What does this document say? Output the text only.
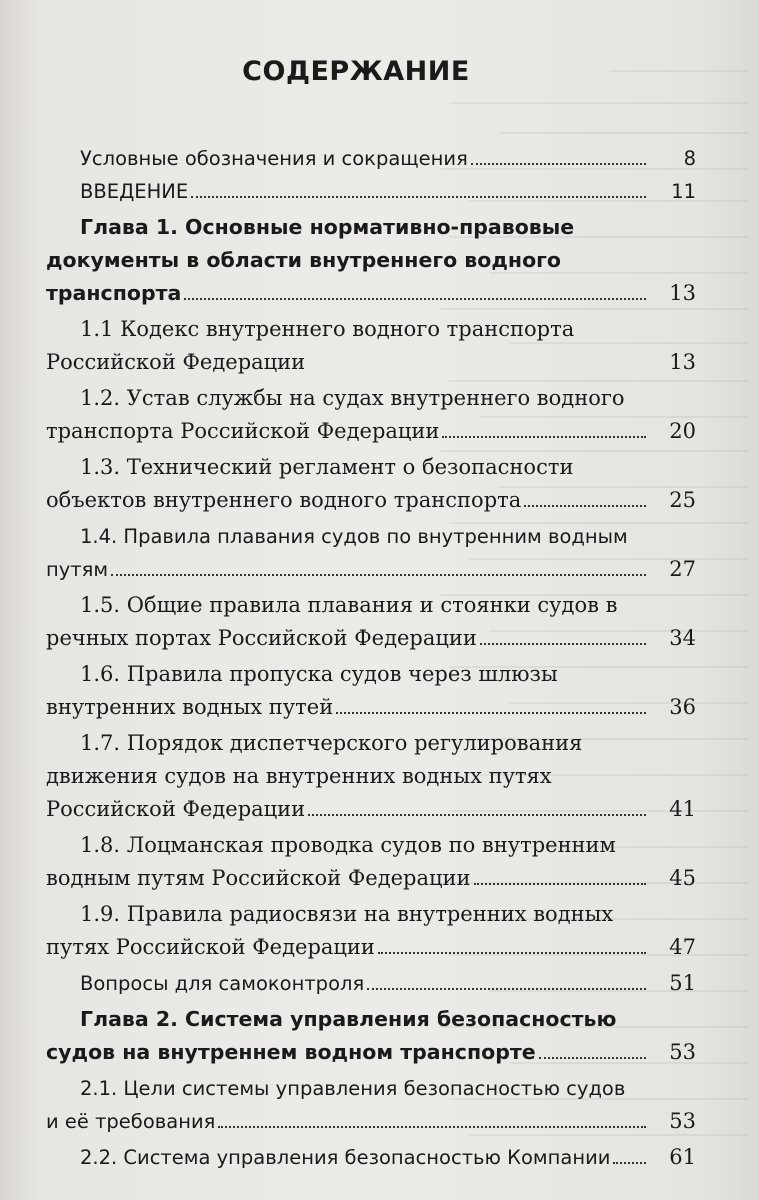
СОДЕРЖАНИЕ
Условные обозначения и сокращения	8
ВВЕДЕНИЕ	11
Глава 1. Основные нормативно-правовые
документы в области внутреннего водного
транспорта	13
1.1 Кодекс внутреннего водного транспорта
Российской Федерации	13
1.2. Устав службы на судах внутреннего водного
транспорта Российской Федерации	20
1.3. Технический регламент о безопасности
объектов внутреннего водного транспорта	25
1.4. Правила плавания судов по внутренним водным
путям	27
1.5. Общие правила плавания и стоянки судов в
речных портах Российской Федерации	34
1.6. Правила пропуска судов через шлюзы
внутренних водных путей	36
1.7. Порядок диспетчерского регулирования
движения судов на внутренних водных путях
Российской Федерации	41
1.8. Лоцманская проводка судов по внутренним
водным путям Российской Федерации	45
1.9. Правила радиосвязи на внутренних водных
путях Российской Федерации	47
Вопросы для самоконтроля	51
Глава 2. Система управления безопасностью
судов на внутреннем водном транспорте	53
2.1. Цели системы управления безопасностью судов
и её требования	53
2.2. Система управления безопасностью Компании	61
